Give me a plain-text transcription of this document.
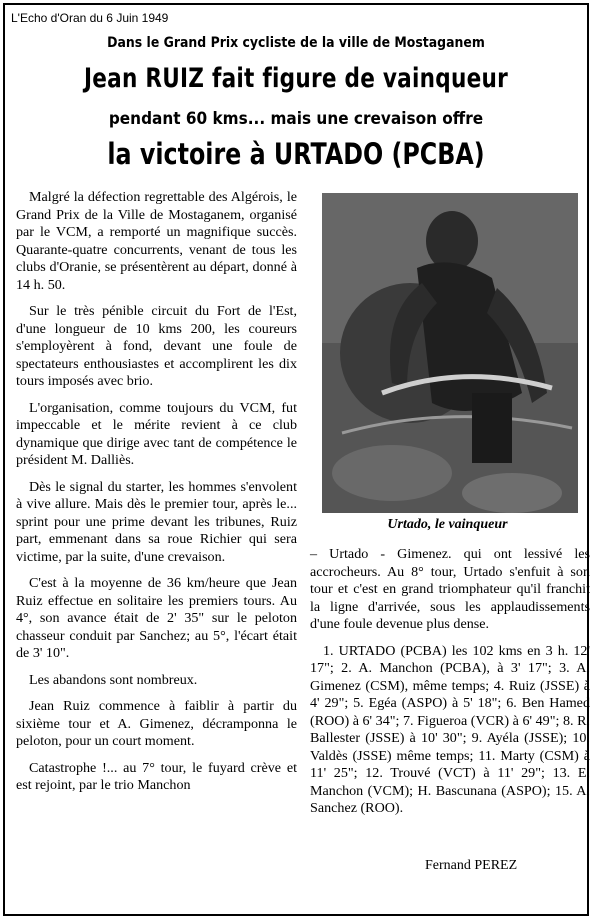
L'Echo d'Oran du 6 Juin 1949
Dans le Grand Prix cycliste de la ville de Mostaganem
Jean RUIZ fait figure de vainqueur
pendant 60 kms... mais une crevaison offre
la victoire à URTADO (PCBA)

Malgré la défection regrettable des Algérois, le Grand Prix de la Ville de Mostaganem, organisé par le VCM, a remporté un magnifique succès. Quarante-quatre concurrents, venant de tous les clubs d'Oranie, se présentèrent au départ, donné à 14 h. 50.

Sur le très pénible circuit du Fort de l'Est, d'une longueur de 10 kms 200, les coureurs s'employèrent à fond, devant une foule de spectateurs enthousiastes et accomplirent les dix tours imposés avec brio.

L'organisation, comme toujours du VCM, fut impeccable et le mérite revient à ce club dynamique que dirige avec tant de compétence le président M. Dalliès.

Dès le signal du starter, les hommes s'envolent à vive allure. Mais dès le premier tour, après le... sprint pour une prime devant les tribunes, Ruiz part, emmenant dans sa roue Richier qui sera victime, par la suite, d'une crevaison.

C'est à la moyenne de 36 km/heure que Jean Ruiz effectue en solitaire les premiers tours. Au 4°, son avance était de 2' 35" sur le peloton chasseur conduit par Sanchez; au 5°, l'écart était de 3' 10".

Les abandons sont nombreux.

Jean Ruiz commence à faiblir à partir du sixième tour et A. Gimenez, décramponna le peloton, pour un court moment.

Catastrophe !... au 7° tour, le fuyard crève et est rejoint, par le trio Manchon

Urtado, le vainqueur

– Urtado - Gimenez. qui ont lessivé les accrocheurs. Au 8° tour, Urtado s'enfuit à son tour et c'est en grand triomphateur qu'il franchit la ligne d'arrivée, sous les applaudissements d'une foule devenue plus dense.

1. URTADO (PCBA) les 102 kms en 3 h. 12' 17"; 2. A. Manchon (PCBA), à 3' 17"; 3. A. Gimenez (CSM), même temps; 4. Ruiz (JSSE) à 4' 29"; 5. Egéa (ASPO) à 5' 18"; 6. Ben Hamed (ROO) à 6' 34"; 7. Figueroa (VCR) à 6' 49"; 8. R. Ballester (JSSE) à 10' 30"; 9. Ayéla (JSSE); 10. Valdès (JSSE) même temps; 11. Marty (CSM) à 11' 25"; 12. Trouvé (VCT) à 11' 29"; 13. E. Manchon (VCM); H. Bascunana (ASPO); 15. A. Sanchez (ROO).

Fernand PEREZ
